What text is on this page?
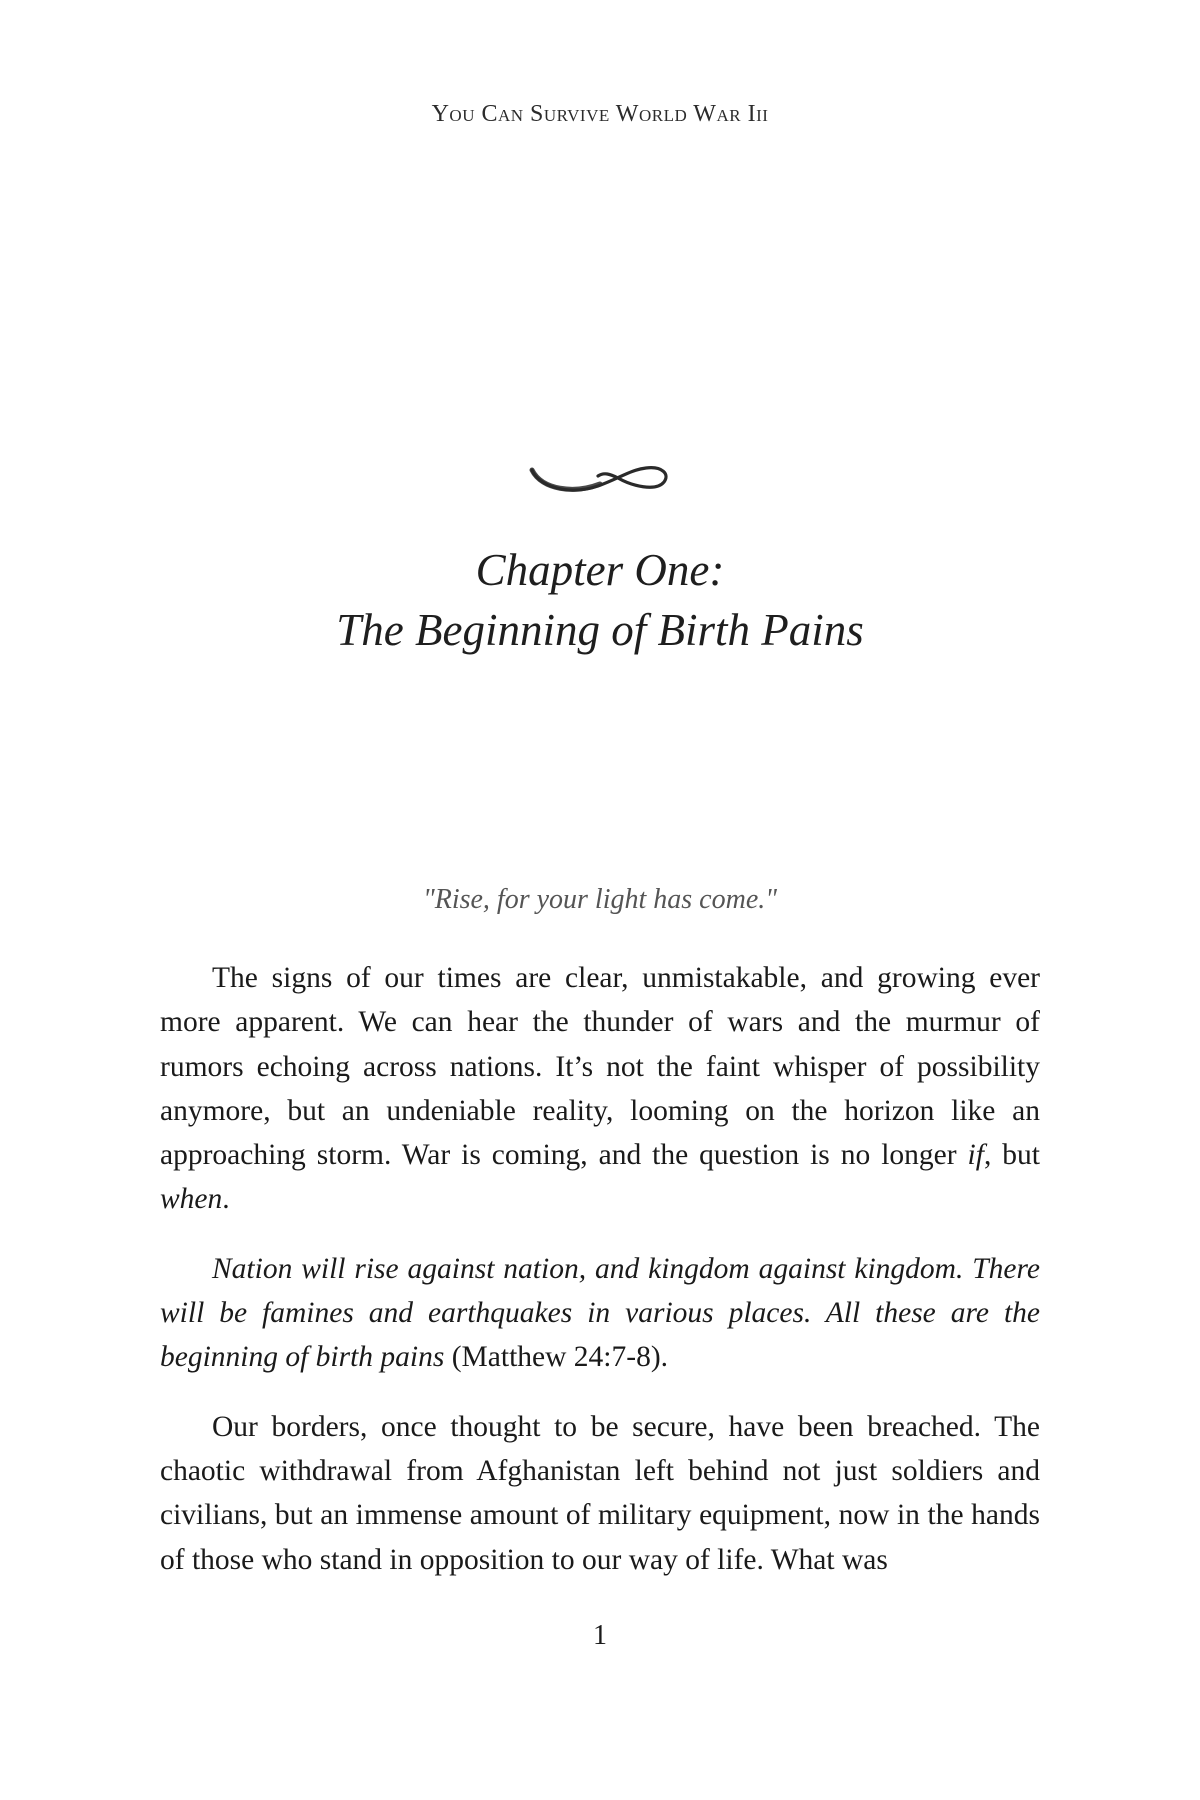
You Can Survive World War Iii
Chapter One:
The Beginning of Birth Pains
"Rise, for your light has come."

The signs of our times are clear, unmistakable, and growing ever more apparent. We can hear the thunder of wars and the murmur of rumors echoing across nations. It’s not the faint whisper of possibility anymore, but an undeniable reality, looming on the horizon like an approaching storm. War is coming, and the question is no longer if, but when.

Nation will rise against nation, and kingdom against kingdom. There will be famines and earthquakes in various places. All these are the beginning of birth pains (Matthew 24:7-8).

Our borders, once thought to be secure, have been breached. The chaotic withdrawal from Afghanistan left behind not just soldiers and civilians, but an immense amount of military equipment, now in the hands of those who stand in opposition to our way of life. What was

1
